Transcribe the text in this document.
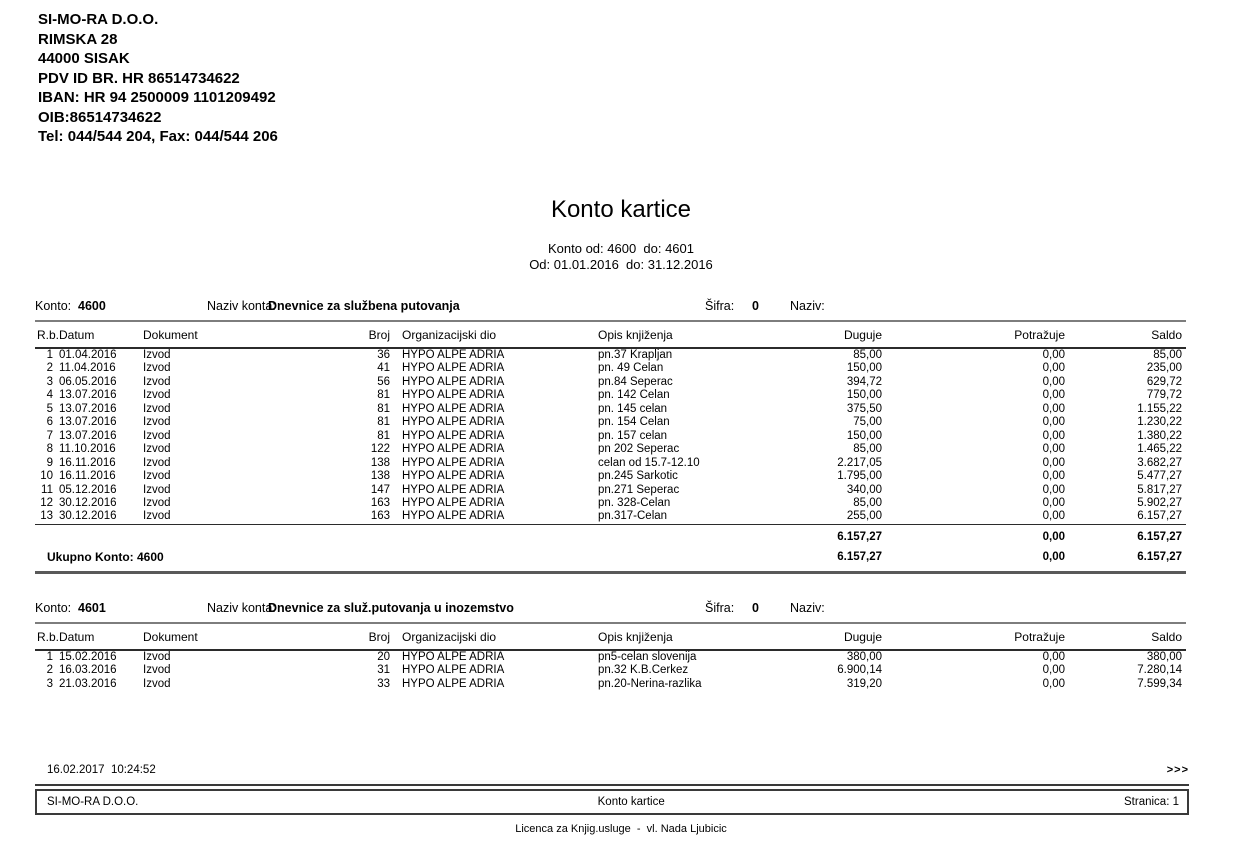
SI-MO-RA D.O.O.
RIMSKA 28
44000 SISAK
PDV ID BR. HR 86514734622
IBAN: HR 94 2500009 1101209492
OIB:86514734622
Tel: 044/544 204, Fax: 044/544 206
Konto kartice
Konto od: 4600  do: 4601
Od: 01.01.2016  do: 31.12.2016
Konto: 4600	Naziv konta:
Dnevnice za službena putovanja	Šifra: 0 Naziv:
R.b.	Datum	Dokument	Broj	Organizacijski dio	Opis knjiženja	Duguje	Potražuje	Saldo
1	01.04.2016	Izvod	36	HYPO ALPE ADRIA	pn.37 Krapljan	85,00	0,00	85,00
2	11.04.2016	Izvod	41	HYPO ALPE ADRIA	pn. 49 Celan	150,00	0,00	235,00
3	06.05.2016	Izvod	56	HYPO ALPE ADRIA	pn.84 Šeperac	394,72	0,00	629,72
4	13.07.2016	Izvod	81	HYPO ALPE ADRIA	pn. 142 Celan	150,00	0,00	779,72
5	13.07.2016	Izvod	81	HYPO ALPE ADRIA	pn. 145 celan	375,50	0,00	1.155,22
6	13.07.2016	Izvod	81	HYPO ALPE ADRIA	pn. 154 Celan	75,00	0,00	1.230,22
7	13.07.2016	Izvod	81	HYPO ALPE ADRIA	pn. 157 celan	150,00	0,00	1.380,22
8	11.10.2016	Izvod	122	HYPO ALPE ADRIA	pn 202 Šeperac	85,00	0,00	1.465,22
9	16.11.2016	Izvod	138	HYPO ALPE ADRIA	celan od 15.7-12.10	2.217,05	0,00	3.682,27
10	16.11.2016	Izvod	138	HYPO ALPE ADRIA	pn.245 Sarkotic	1.795,00	0,00	5.477,27
11	05.12.2016	Izvod	147	HYPO ALPE ADRIA	pn.271 Šeperac	340,00	0,00	5.817,27
12	30.12.2016	Izvod	163	HYPO ALPE ADRIA	pn. 328-Celan	85,00	0,00	5.902,27
13	30.12.2016	Izvod	163	HYPO ALPE ADRIA	pn.317-Celan	255,00	0,00	6.157,27
						6.157,27	0,00	6.157,27
Ukupno Konto: 4600						6.157,27	0,00	6.157,27
Konto: 4601	Naziv konta:
Dnevnice za služ.putovanja u inozemstvo	Šifra: 0 Naziv:
R.b.	Datum	Dokument	Broj	Organizacijski dio	Opis knjiženja	Duguje	Potražuje	Saldo
1	15.02.2016	Izvod	20	HYPO ALPE ADRIA	pn5-celan slovenija	380,00	0,00	380,00
2	16.03.2016	Izvod	31	HYPO ALPE ADRIA	pn.32 K.B.Cerkez	6.900,14	0,00	7.280,14
3	21.03.2016	Izvod	33	HYPO ALPE ADRIA	pn.20-Nerina-razlika	319,20	0,00	7.599,34
16.02.2017  10:24:52	>>>
SI-MO-RA D.O.O.	Konto kartice	Stranica: 1
Licenca za Knjig.usluge  -  vl. Nada Ljubicic
